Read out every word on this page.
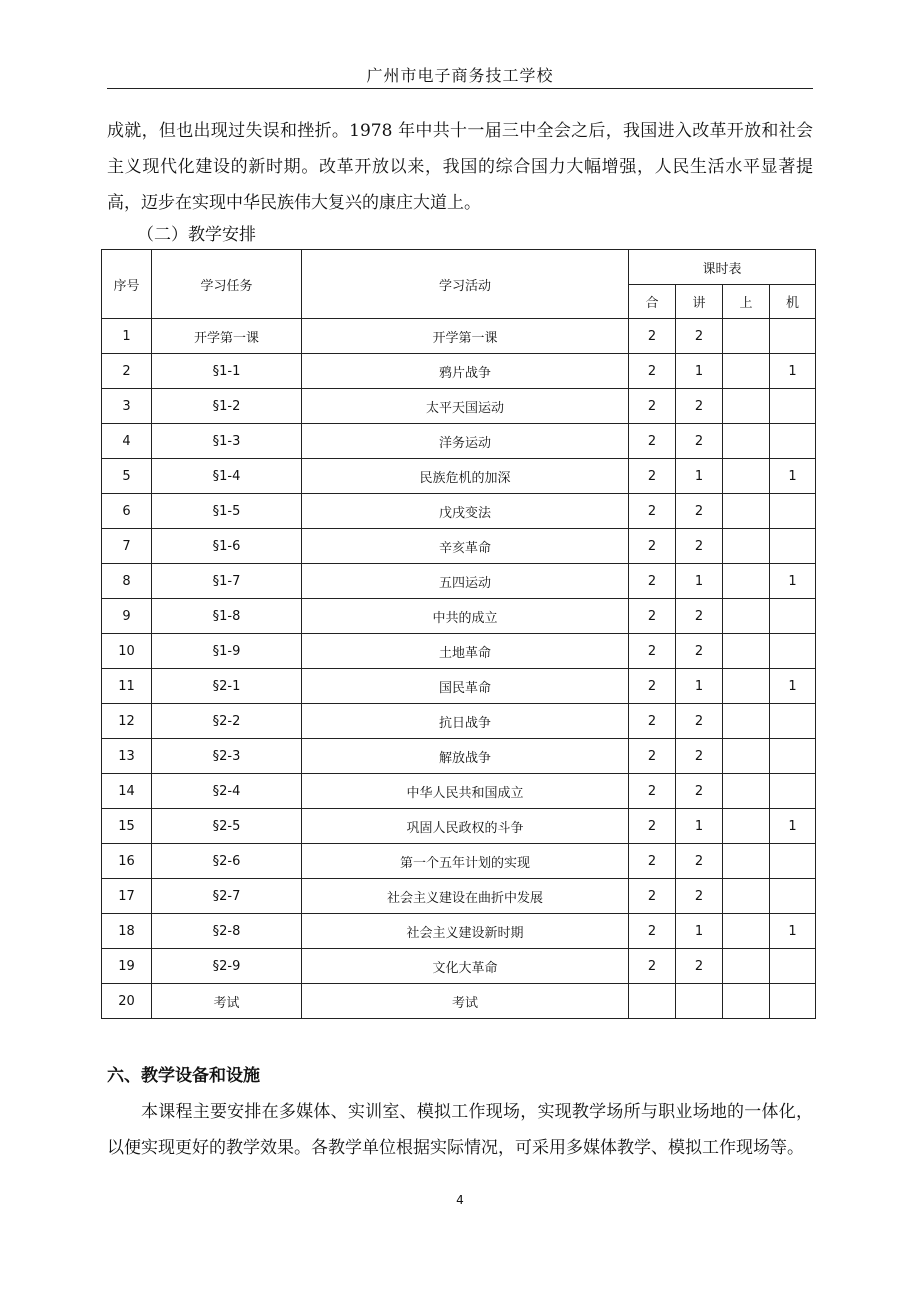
广州市电子商务技工学校

成就，但也出现过失误和挫折。1978 年中共十一届三中全会之后，我国进入改革开放和社会主义现代化建设的新时期。改革开放以来，我国的综合国力大幅增强，人民生活水平显著提高，迈步在实现中华民族伟大复兴的康庄大道上。

（二）教学安排

序号	学习任务	学习活动	课时表			
			合	讲	上	机
1	开学第一课	开学第一课	2	2		
2	§1-1	鸦片战争	2	1		1
3	§1-2	太平天国运动	2	2		
4	§1-3	洋务运动	2	2		
5	§1-4	民族危机的加深	2	1		1
6	§1-5	戊戌变法	2	2		
7	§1-6	辛亥革命	2	2		
8	§1-7	五四运动	2	1		1
9	§1-8	中共的成立	2	2		
10	§1-9	土地革命	2	2		
11	§2-1	国民革命	2	1		1
12	§2-2	抗日战争	2	2		
13	§2-3	解放战争	2	2		
14	§2-4	中华人民共和国成立	2	2		
15	§2-5	巩固人民政权的斗争	2	1		1
16	§2-6	第一个五年计划的实现	2	2		
17	§2-7	社会主义建设在曲折中发展	2	2		
18	§2-8	社会主义建设新时期	2	1		1
19	§2-9	文化大革命	2	2		
20	考试	考试				

六、教学设备和设施

本课程主要安排在多媒体、实训室、模拟工作现场，实现教学场所与职业场地的一体化，以便实现更好的教学效果。各教学单位根据实际情况，可采用多媒体教学、模拟工作现场等。

4
